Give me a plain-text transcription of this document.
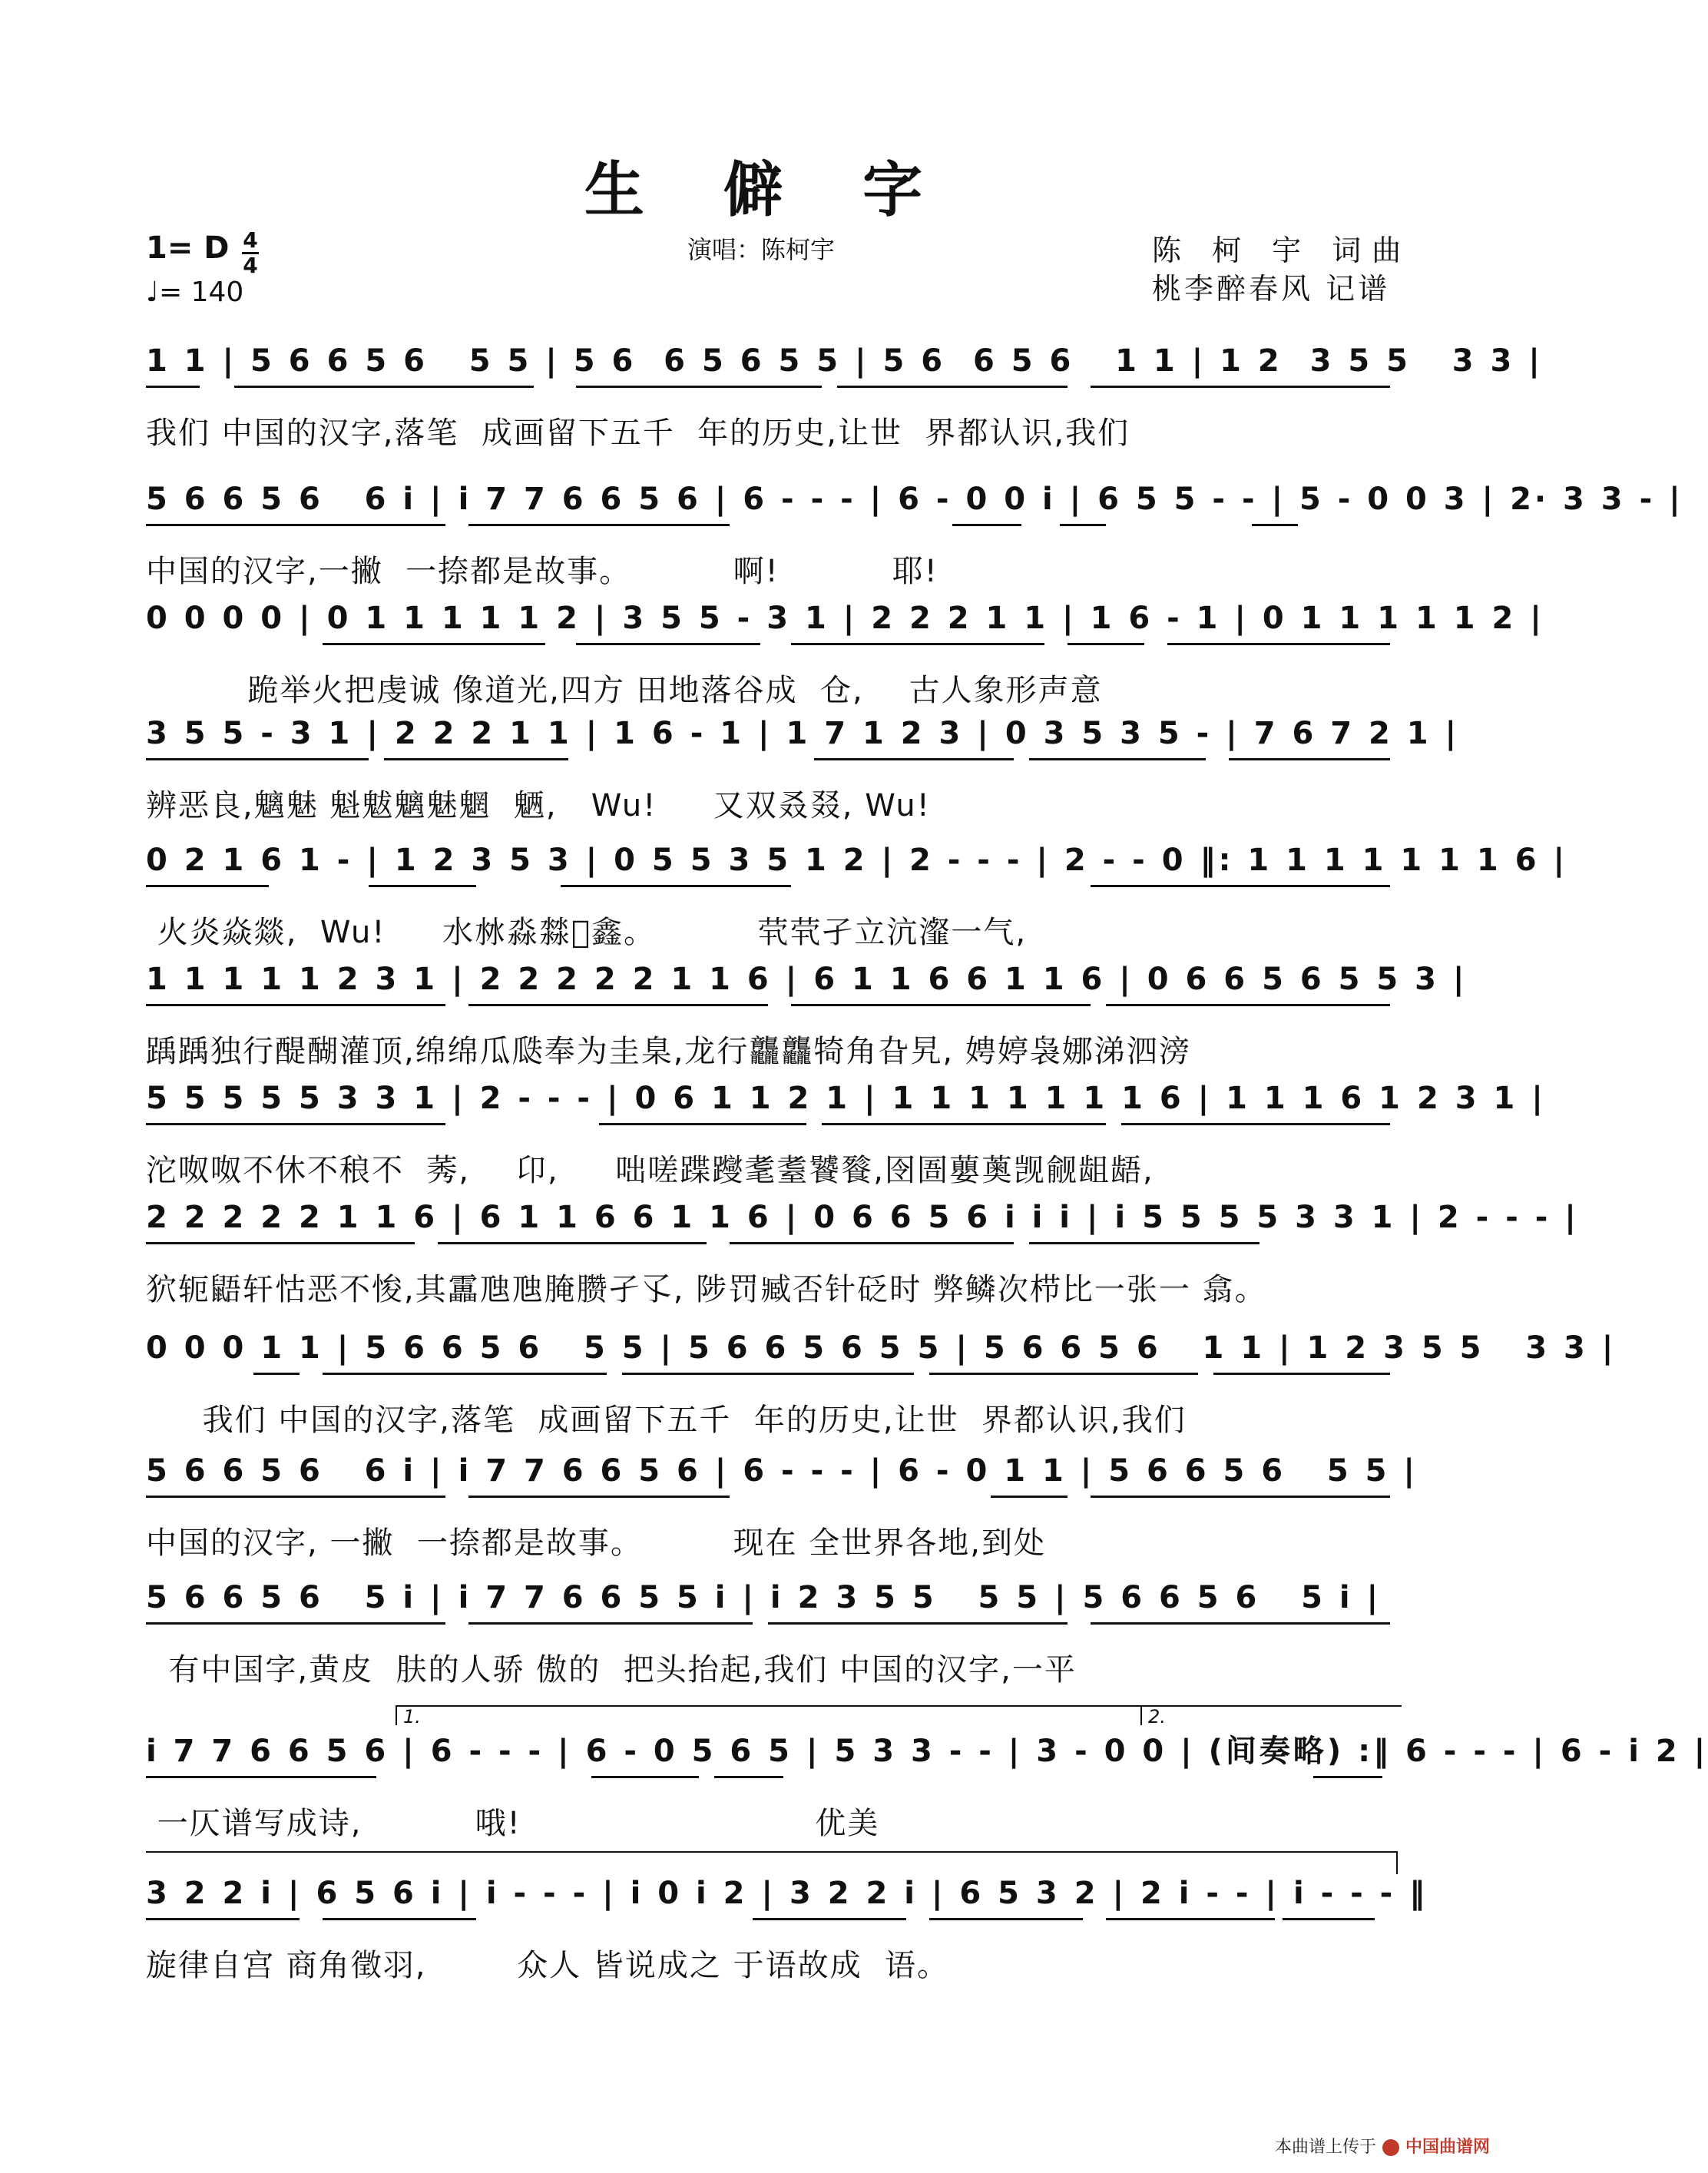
生 僻 字
1= D 4
4
♩= 140
演唱：陈柯宇	陈 柯 宇 词曲
桃李醉春风 记谱
1 1 | 5 6 6 5 6   5 5 | 5 6  6 5 6 5 5 | 5 6  6 5 6   1 1 | 1 2  3 5 5   3 3 |
我们 中国的汉字,落笔  成画留下五千  年的历史,让世  界都认识,我们
5 6 6 5 6   6 i | i 7 7 6 6 5 6 | 6 - - - | 6 - 0 0 i | 6 5 5 - - | 5 - 0 0 3 | 2· 3 3 - |
中国的汉字,一撇  一捺都是故事。         啊!          耶!
0 0 0 0 | 0 1 1 1 1 1 2 | 3 5 5 - 3 1 | 2 2 2 1 1 | 1 6 - 1 | 0 1 1 1 1 1 2 |
跪举火把虔诚 像道光,四方 田地落谷成  仓,    古人象形声意
3 5 5 - 3 1 | 2 2 2 1 1 | 1 6 - 1 | 1 7 1 2 3 | 0 3 5 3 5 - | 7 6 7 2 1 |
辨恶良,魑魅 魁魃魑魅魍  魉,   Wu!     又双叒叕, Wu!
0 2 1 6 1 - | 1 2 3 5 3 | 0 5 5 3 5 1 2 | 2 - - - | 2 - - 0 ‖: 1 1 1 1 1 1 1 6 |
火炎焱燚,  Wu!     水沝淼㵘𤆈鑫。         茕茕孑立沆瀣一气,
1 1 1 1 1 2 3 1 | 2 2 2 2 2 1 1 6 | 6 1 1 6 6 1 1 6 | 0 6 6 5 6 5 5 3 |
踽踽独行醍醐灌顶,绵绵瓜瓞奉为圭臬,龙行龘龘犄角旮旯, 娉婷袅娜涕泗滂
5 5 5 5 5 3 3 1 | 2 - - - | 0 6 1 1 2 1 | 1 1 1 1 1 1 1 6 | 1 1 1 6 1 2 3 1 |
沱呶呶不休不稂不  莠,    卬,     咄嗟蹀躞耄耋饕餮,囹圄蘡薁觊觎龃龉,
2 2 2 2 2 1 1 6 | 6 1 1 6 6 1 1 6 | 0 6 6 5 6 i i i | i 5 5 5 5 3 3 1 | 2 - - - |
狖轭鼯轩怙恶不悛,其靁虺虺腌臜孑孓, 陟罚臧否针砭时 弊鳞次栉比一张一 翕。
0 0 0 1 1 | 5 6 6 5 6   5 5 | 5 6 6 5 6 5 5 | 5 6 6 5 6   1 1 | 1 2 3 5 5   3 3 |
我们 中国的汉字,落笔  成画留下五千  年的历史,让世  界都认识,我们
5 6 6 5 6   6 i | i 7 7 6 6 5 6 | 6 - - - | 6 - 0 1 1 | 5 6 6 5 6   5 5 |
中国的汉字, 一撇  一捺都是故事。        现在 全世界各地,到处
5 6 6 5 6   5 i | i 7 7 6 6 5 5 i | i 2 3 5 5   5 5 | 5 6 6 5 6   5 i |
有中国字,黄皮  肤的人骄 傲的  把头抬起,我们 中国的汉字,一平
1.	2.
i 7 7 6 6 5 6 | 6 - - - | 6 - 0 5 6 5 | 5 3 3 - - | 3 - 0 0 | (间奏略) :‖ 6 - - - | 6 - i 2 |
一仄谱写成诗,          哦!                          优美
3 2 2 i | 6 5 6 i | i - - - | i 0 i 2 | 3 2 2 i | 6 5 3 2 | 2 i - - | i - - - ‖
旋律自宫 商角徵羽,        众人 皆说成之 于语故成  语。
本曲谱上传于 中国曲谱网
